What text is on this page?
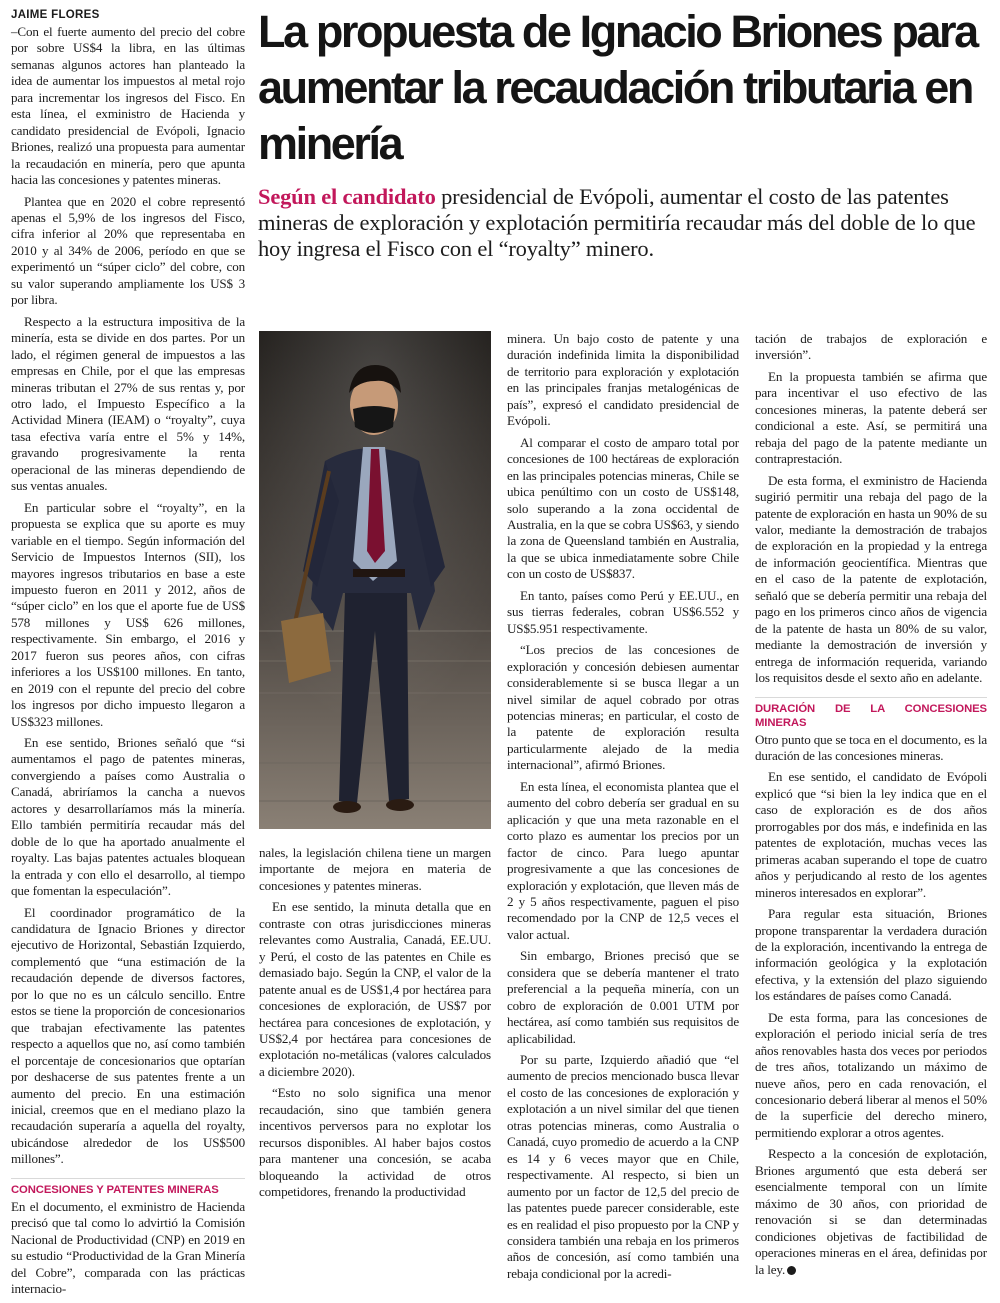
JAIME FLORES

–Con el fuerte aumento del precio del cobre por sobre US$4 la libra, en las últimas semanas algunos actores han planteado la idea de aumentar los impuestos al metal rojo para incrementar los ingresos del Fisco. En esta línea, el exministro de Hacienda y candidato presidencial de Evópoli, Ignacio Briones, realizó una propuesta para aumentar la recaudación en minería, pero que apunta hacia las concesiones y patentes mineras.

Plantea que en 2020 el cobre representó apenas el 5,9% de los ingresos del Fisco, cifra inferior al 20% que representaba en 2010 y al 34% de 2006, período en que se experimentó un “súper ciclo” del cobre, con su valor superando ampliamente los US$ 3 por libra.

Respecto a la estructura impositiva de la minería, esta se divide en dos partes. Por un lado, el régimen general de impuestos a las empresas en Chile, por el que las empresas mineras tributan el 27% de sus rentas y, por otro lado, el Impuesto Específico a la Actividad Minera (IEAM) o “royalty”, cuya tasa efectiva varía entre el 5% y 14%, gravando progresivamente la renta operacional de las mineras dependiendo de sus ventas anuales.

En particular sobre el “royalty”, en la propuesta se explica que su aporte es muy variable en el tiempo. Según información del Servicio de Impuestos Internos (SII), los mayores ingresos tributarios en base a este impuesto fueron en 2011 y 2012, años de “súper ciclo” en los que el aporte fue de US$ 578 millones y US$ 626 millones, respectivamente. Sin embargo, el 2016 y 2017 fueron sus peores años, con cifras inferiores a los US$100 millones. En tanto, en 2019 con el repunte del precio del cobre los ingresos por dicho impuesto llegaron a US$323 millones.

En ese sentido, Briones señaló que “si aumentamos el pago de patentes mineras, convergiendo a países como Australia o Canadá, abriríamos la cancha a nuevos actores y desarrollaríamos más la minería. Ello también permitiría recaudar más del doble de lo que ha aportado anualmente el royalty. Las bajas patentes actuales bloquean la entrada y con ello el desarrollo, al tiempo que fomentan la especulación”.

El coordinador programático de la candidatura de Ignacio Briones y director ejecutivo de Horizontal, Sebastián Izquierdo, complementó que “una estimación de la recaudación depende de diversos factores, por lo que no es un cálculo sencillo. Entre estos se tiene la proporción de concesionarios que trabajan efectivamente las patentes respecto a aquellos que no, así como también el porcentaje de concesionarios que optarían por deshacerse de sus patentes frente a un aumento del precio. En una estimación inicial, creemos que en el mediano plazo la recaudación superaría a aquella del royalty, ubicándose alrededor de los US$500 millones”.

CONCESIONES Y PATENTES MINERAS

En el documento, el exministro de Hacienda precisó que tal como lo advirtió la Comisión Nacional de Productividad (CNP) en 2019 en su estudio “Productividad de la Gran Minería del Cobre”, comparada con las prácticas internacio-

La propuesta de Ignacio Briones para aumentar la recaudación tributaria en minería

Según el candidato presidencial de Evópoli, aumentar el costo de las patentes mineras de exploración y explotación permitiría recaudar más del doble de lo que hoy ingresa el Fisco con el “royalty” minero.

nales, la legislación chilena tiene un margen importante de mejora en materia de concesiones y patentes mineras.

En ese sentido, la minuta detalla que en contraste con otras jurisdicciones mineras relevantes como Australia, Canadá, EE.UU. y Perú, el costo de las patentes en Chile es demasiado bajo. Según la CNP, el valor de la patente anual es de US$1,4 por hectárea para concesiones de exploración, de US$7 por hectárea para concesiones de explotación, y US$2,4 por hectárea para concesiones de explotación no-metálicas (valores calculados a diciembre 2020).

“Esto no solo significa una menor recaudación, sino que también genera incentivos perversos para no explotar los recursos disponibles. Al haber bajos costos para mantener una concesión, se acaba bloqueando la actividad de otros competidores, frenando la productividad

minera. Un bajo costo de patente y una duración indefinida limita la disponibilidad de territorio para exploración y explotación en las principales franjas metalogénicas de país”, expresó el candidato presidencial de Evópoli.

Al comparar el costo de amparo total por concesiones de 100 hectáreas de exploración en las principales potencias mineras, Chile se ubica penúltimo con un costo de US$148, solo superando a la zona occidental de Australia, en la que se cobra US$63, y siendo la zona de Queensland también en Australia, la que se ubica inmediatamente sobre Chile con un costo de US$837.

En tanto, países como Perú y EE.UU., en sus tierras federales, cobran US$6.552 y US$5.951 respectivamente.

“Los precios de las concesiones de exploración y concesión debiesen aumentar considerablemente si se busca llegar a un nivel similar de aquel cobrado por otras potencias mineras; en particular, el costo de la patente de exploración resulta particularmente alejado de la media internacional”, afirmó Briones.

En esta línea, el economista plantea que el aumento del cobro debería ser gradual en su aplicación y que una meta razonable en el corto plazo es aumentar los precios por un factor de cinco. Para luego apuntar progresivamente a que las concesiones de exploración y explotación, que lleven más de 2 y 5 años respectivamente, paguen el piso recomendado por la CNP de 12,5 veces el valor actual.

Sin embargo, Briones precisó que se considera que se debería mantener el trato preferencial a la pequeña minería, con un cobro de exploración de 0.001 UTM por hectárea, así como también sus requisitos de aplicabilidad.

Por su parte, Izquierdo añadió que “el aumento de precios mencionado busca llevar el costo de las concesiones de exploración y explotación a un nivel similar del que tienen otras potencias mineras, como Australia o Canadá, cuyo promedio de acuerdo a la CNP es 14 y 6 veces mayor que en Chile, respectivamente. Al respecto, si bien un aumento por un factor de 12,5 del precio de las patentes puede parecer considerable, este es en realidad el piso propuesto por la CNP y considera también una rebaja en los primeros años de concesión, así como también una rebaja condicional por la acredi-

tación de trabajos de exploración e inversión”.

En la propuesta también se afirma que para incentivar el uso efectivo de las concesiones mineras, la patente deberá ser condicional a este. Así, se permitirá una rebaja del pago de la patente mediante un contraprestación.

De esta forma, el exministro de Hacienda sugirió permitir una rebaja del pago de la patente de exploración en hasta un 90% de su valor, mediante la demostración de trabajos de exploración en la propiedad y la entrega de información geocientífica. Mientras que en el caso de la patente de explotación, señaló que se debería permitir una rebaja del pago en los primeros cinco años de vigencia de la patente de hasta un 80% de su valor, mediante la demostración de inversión y entrega de información requerida, variando los requisitos desde el sexto año en adelante.

DURACIÓN DE LA CONCESIONES MINERAS

Otro punto que se toca en el documento, es la duración de las concesiones mineras.

En ese sentido, el candidato de Evópoli explicó que “si bien la ley indica que en el caso de exploración es de dos años prorrogables por dos más, e indefinida en las patentes de explotación, muchas veces las primeras acaban superando el tope de cuatro años y perjudicando al resto de los agentes mineros interesados en explorar”.

Para regular esta situación, Briones propone transparentar la verdadera duración de la exploración, incentivando la entrega de información geológica y la explotación efectiva, y la extensión del plazo siguiendo los estándares de países como Canadá.

De esta forma, para las concesiones de exploración el periodo inicial sería de tres años renovables hasta dos veces por periodos de tres años, totalizando un máximo de nueve años, pero en cada renovación, el concesionario deberá liberar al menos el 50% de la superficie del derecho minero, permitiendo explorar a otros agentes.

Respecto a la concesión de explotación, Briones argumentó que esta deberá ser esencialmente temporal con un límite máximo de 30 años, con prioridad de renovación si se dan determinadas condiciones objetivas de factibilidad de operaciones mineras en el área, definidas por la ley.
